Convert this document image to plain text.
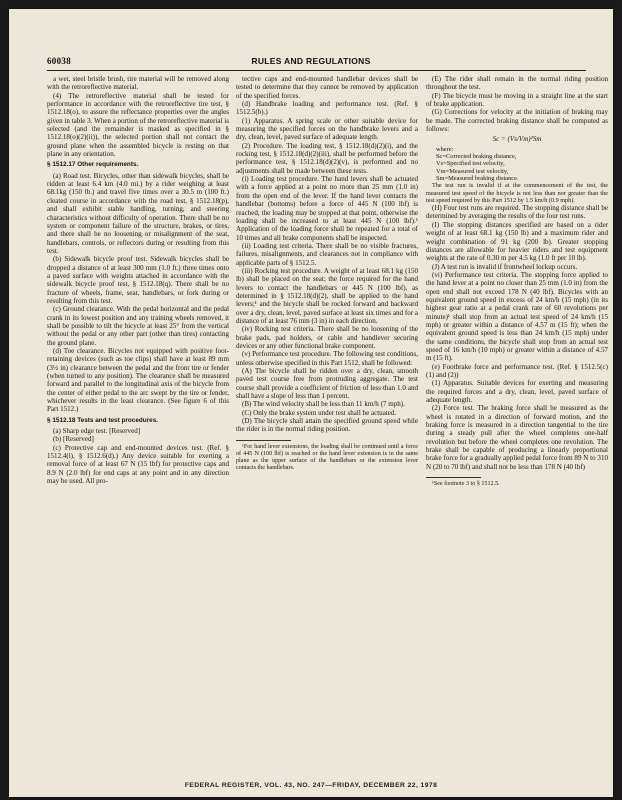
60038	RULES AND REGULATIONS

a wet, steel bristle brush, tire material will be removed along with the retroreflective material.

(4) The retroreflective material shall be tested for performance in accordance with the retroreflective tire test, § 1512.18(o), to assure the reflectance properties over the angles given in table 3. When a portion of the retroreflective material is selected (and the remainder is masked as specified in § 1512.18(o)(2)(ii)), the selected portion shall not contact the ground plane when the assembled bicycle is resting on that plane in any orientation.

§ 1512.17 Other requirements.

(a) Road test. Bicycles, other than sidewalk bicycles, shall be ridden at least 6.4 km (4.0 mi.) by a rider weighing at least 68.1kg (150 lb.) and travel five times over a 30.5 m (100 ft.) cleated course in accordance with the road test, § 1512.18(p), and shall exhibit stable handling, turning, and steering characteristics without difficulty of operation. There shall be no system or component failure of the structure, brakes, or tires, and there shall be no loosening or misalignment of the seat, handlebars, controls, or reflectors during or resulting from this test.

(b) Sidewalk bicycle proof test. Sidewalk bicycles shall be dropped a distance of at least 300 mm (1.0 ft.) three times onto a paved surface with weights attached in accordance with the sidewalk bicycle proof test, § 1512.18(q). There shall be no fracture of wheels, frame, seat, handlebars, or fork during or resulting from this test.

(c) Ground clearance. With the pedal horizontal and the pedal crank in its lowest position and any training wheels removed, it shall be possible to tilt the bicycle at least 25° from the vertical without the pedal or any other part (other than tires) contacting the ground plane.

(d) Toe clearance. Bicycles not equipped with positive foot-retaining devices (such as toe clips) shall have at least 89 mm (3½ in) clearance between the pedal and the front tire or fender (when turned to any position). The clearance shall be measured forward and parallel to the longitudinal axis of the bicycle from the center of either pedal to the arc swept by the tire or fender, whichever results in the least clearance. (See figure 6 of this Part 1512.)

§ 1512.18 Tests and test procedures.

(a) Sharp edge test. [Reserved]

(b) [Reserved]

(c) Protective cap and end-mounted devices test. (Ref. § 1512.4(i), § 1512.6(d).) Any device suitable for exerting a removal force of at least 67 N (15 lbf) for protective caps and 8.9 N (2.0 lbf) for end caps at any point and in any direction may be used. All pro-

tective caps and end-mounted handlebar devices shall be tested to determine that they cannot be removed by application of the specified forces.

(d) Handbrake loading and performance test. (Ref. § 1512.5(b).)

(1) Apparatus. A spring scale or other suitable device for measuring the specified forces on the handbrake levers and a dry, clean, level, paved surface of adequate length.

(2) Procedure. The loading test, § 1512.18(d)(2)(i), and the rocking test, § 1512.18(d)(2)(iii), shall be performed before the performance test, § 1512.18(d)(2)(v), is performed and no adjustments shall be made between these tests.

(i) Loading test procedure. The hand levers shall be actuated with a force applied at a point no more than 25 mm (1.0 in) from the open end of the lever. If the hand lever contacts the handlebar (bottoms) before a force of 445 N (100 lbf) is reached, the loading may be stopped at that point, otherwise the loading shall be increased to at least 445 N (100 lbf).¹ Application of the loading force shall be repeated for a total of 10 times and all brake components shall be inspected.

(ii) Loading test criteria. There shall be no visible fractures, failures, misalignments, and clearances not in compliance with applicable parts of § 1512.5.

(iii) Rocking test procedure. A weight of at least 68.1 kg (150 lb) shall be placed on the seat; the force required for the hand levers to contact the handlebars or 445 N (100 lbf), as determined in § 1512.18(d)(2), shall be applied to the hand levers;¹ and the bicycle shall be rocked forward and backward over a dry, clean, level, paved surface at least six times and for a distance of at least 76 mm (3 in) in each direction.

(iv) Rocking test criteria. There shall be no loosening of the brake pads, pad holders, or cable and handlever securing devices or any other functional brake component.

(v) Performance test procedure. The following test conditions, unless otherwise specified in this Part 1512, shall be followed:

(A) The bicycle shall be ridden over a dry, clean, smooth paved test course free from protruding aggregate. The test course shall provide a coefficient of friction of less than 1.0 and shall have a slope of less than 1 percent.

(B) The wind velocity shall be less than 11 km/h (7 mph).

(C) Only the brake system under test shall be actuated.

(D) The bicycle shall attain the specified ground speed while the rider is in the normal riding position.

¹For hand lever extensions, the loading shall be continued until a force of 445 N (100 lbf) is reached or the hand lever extension is in the same plane as the upper surface of the handlebars or the extension lever contacts the handlebars.

(E) The rider shall remain in the normal riding position throughout the test.

(F) The bicycle must be moving in a straight line at the start of brake application.

(G) Corrections for velocity at the initiation of braking may be made. The corrected braking distance shall be computed as follows:

Sc = (Vs/Vm)²Sm

where:

Sc=Corrected braking distance,

Vs=Specified test velocity,

Vm=Measured test velocity,

Sm=Measured braking distance.

The test run is invalid if at the commencement of the test, the measured test speed of the bicycle is not less than nor greater than the test speed required by this Part 1512 by 1.5 km/h (0.9 mph).

(H) Four test runs are required. The stopping distance shall be determined by averaging the results of the four test runs.

(I) The stopping distances specified are based on a rider weight of at least 68.1 kg (150 lb) and a maximum rider and weight combination of 91 kg (200 lb). Greater stopping distances are allowable for heavier riders and test equipment weights at the rate of 0.30 m per 4.5 kg (1.0 ft per 10 lb).

(J) A test run is invalid if frontwheel lockup occurs.

(vi) Performance test criteria. The stopping force applied to the hand lever at a point no closer than 25 mm (1.0 in) from the open end shall not exceed 178 N (40 lbf). Bicycles with an equivalent ground speed in excess of 24 km/h (15 mph) (in its highest gear ratio at a pedal crank rate of 60 revolutions per minute)¹ shall stop from an actual test speed of 24 km/h (15 mph) or greater within a distance of 4.57 m (15 ft); when the equivalent ground speed is less than 24 km/h (15 mph) under the same conditions, the bicycle shall stop from an actual test speed of 16 km/h (10 mph) or greater within a distance of 4.57 m (15 ft).

(e) Footbrake force and performance test. (Ref. § 1512.5(c) (1) and (2))

(1) Apparatus. Suitable devices for exerting and measuring the required forces and a dry, clean, level, paved surface of adequate length.

(2) Force test. The braking force shall be measured as the wheel is rotated in a direction of forward motion, and the braking force is measured in a direction tangential to the tire during a steady pull after the wheel completes one-half revolution but before the wheel completes one revolution. The brake shall be capable of producing a linearly proportional brake force for a gradually applied pedal force from 89 N to 310 N (20 to 70 lbf) and shall not be less than 178 N (40 lbf)

¹See footnote 3 to § 1512.5.

FEDERAL REGISTER, VOL. 43, NO. 247—FRIDAY, DECEMBER 22, 1978
